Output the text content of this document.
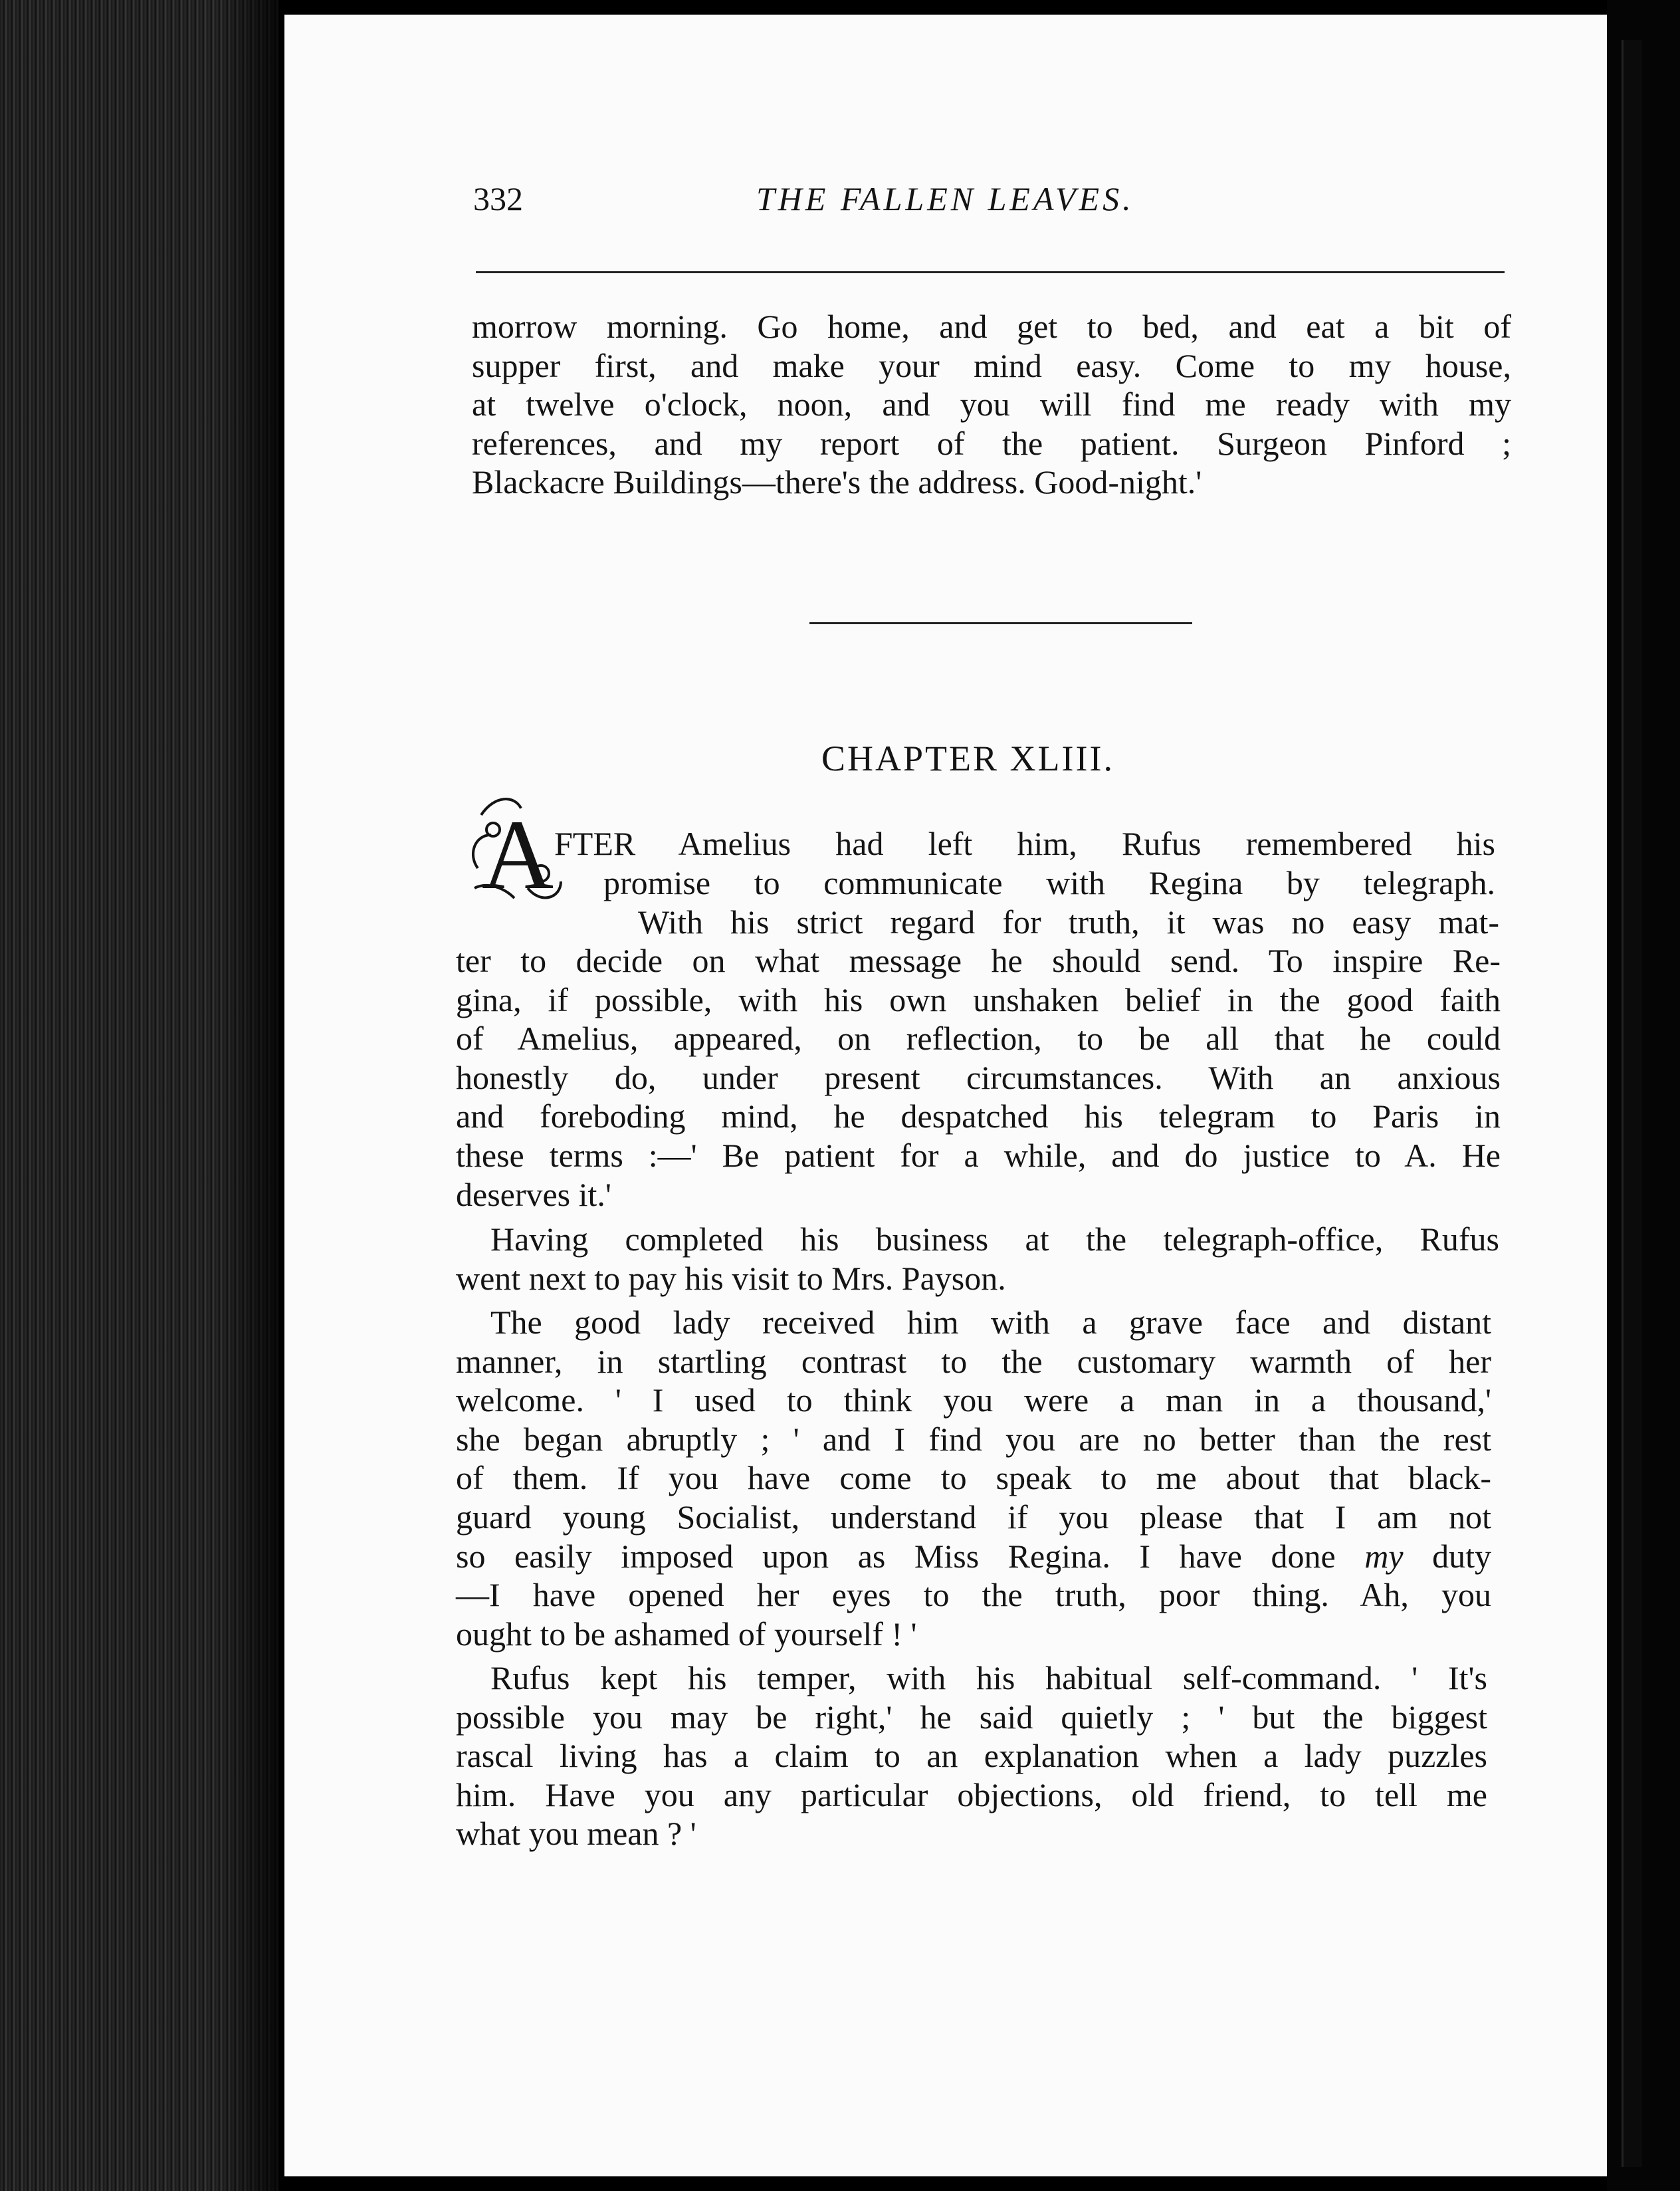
332	THE FALLEN LEAVES.
morrow morning. Go home, and get to bed, and eat a bit of
supper first, and make your mind easy. Come to my house,
at twelve o'clock, noon, and you will find me ready with my
references, and my report of the patient. Surgeon Pinford ;
Blackacre Buildings—there's the address. Good-night.'
CHAPTER XLIII.
A FTER Amelius had left him, Rufus remembered his
promise to communicate with Regina by telegraph.
With his strict regard for truth, it was no easy mat-
ter to decide on what message he should send. To inspire Re-
gina, if possible, with his own unshaken belief in the good faith
of Amelius, appeared, on reflection, to be all that he could
honestly do, under present circumstances. With an anxious
and foreboding mind, he despatched his telegram to Paris in
these terms :—' Be patient for a while, and do justice to A. He
deserves it.'
Having completed his business at the telegraph-office, Rufus
went next to pay his visit to Mrs. Payson.
The good lady received him with a grave face and distant
manner, in startling contrast to the customary warmth of her
welcome. ' I used to think you were a man in a thousand,'
she began abruptly ; ' and I find you are no better than the rest
of them. If you have come to speak to me about that black-
guard young Socialist, understand if you please that I am not
so easily imposed upon as Miss Regina. I have done my duty
—I have opened her eyes to the truth, poor thing. Ah, you
ought to be ashamed of yourself ! '
Rufus kept his temper, with his habitual self-command. ' It's
possible you may be right,' he said quietly ; ' but the biggest
rascal living has a claim to an explanation when a lady puzzles
him. Have you any particular objections, old friend, to tell me
what you mean ? '
